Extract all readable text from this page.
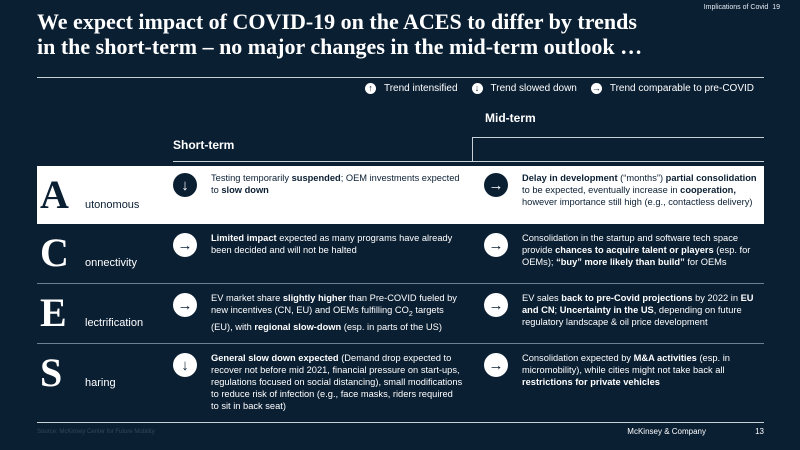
Implications of Covid 19
We expect impact of COVID-19 on the ACES to differ by trends
in the short-term – no major changes in the mid-term outlook …
↑	Trend intensified	↓	Trend slowed down → Trend comparable to pre-COVID
Mid-term
Short-term
A utonomous
↓	Testing temporarily suspended; OEM investments expected to slow down	→	Delay in development (“months”) partial consolidation to be expected, eventually increase in cooperation, however importance still high (e.g., contactless delivery)
C onnectivity
→	Limited impact expected as many programs have already been decided and will not be halted	→	Consolidation in the startup and software tech space provide chances to acquire talent or players (esp. for OEMs); “buy” more likely than build” for OEMs
E lectrification
→	EV market share slightly higher than Pre-COVID fueled by new incentives (CN, EU) and OEMs fulfilling $CO_2$ targets (EU), with regional slow-down (esp. in parts of the US)
→	EV sales back to pre-Covid projections by 2022 in EU and CN; Uncertainty in the US, depending on future regulatory landscape & oil price development
S haring
↓	General slow down expected (Demand drop expected to recover not before mid 2021, financial pressure on start-ups, regulations focused on social distancing), small modifications to reduce risk of infection (e.g., face masks, riders required to sit in back seat)
→	Consolidation expected by M&A activities (esp. in micromobility), while cities might not take back all restrictions for private vehicles
Source: McKinsey Center for Future Mobility	McKinsey & Company	13
